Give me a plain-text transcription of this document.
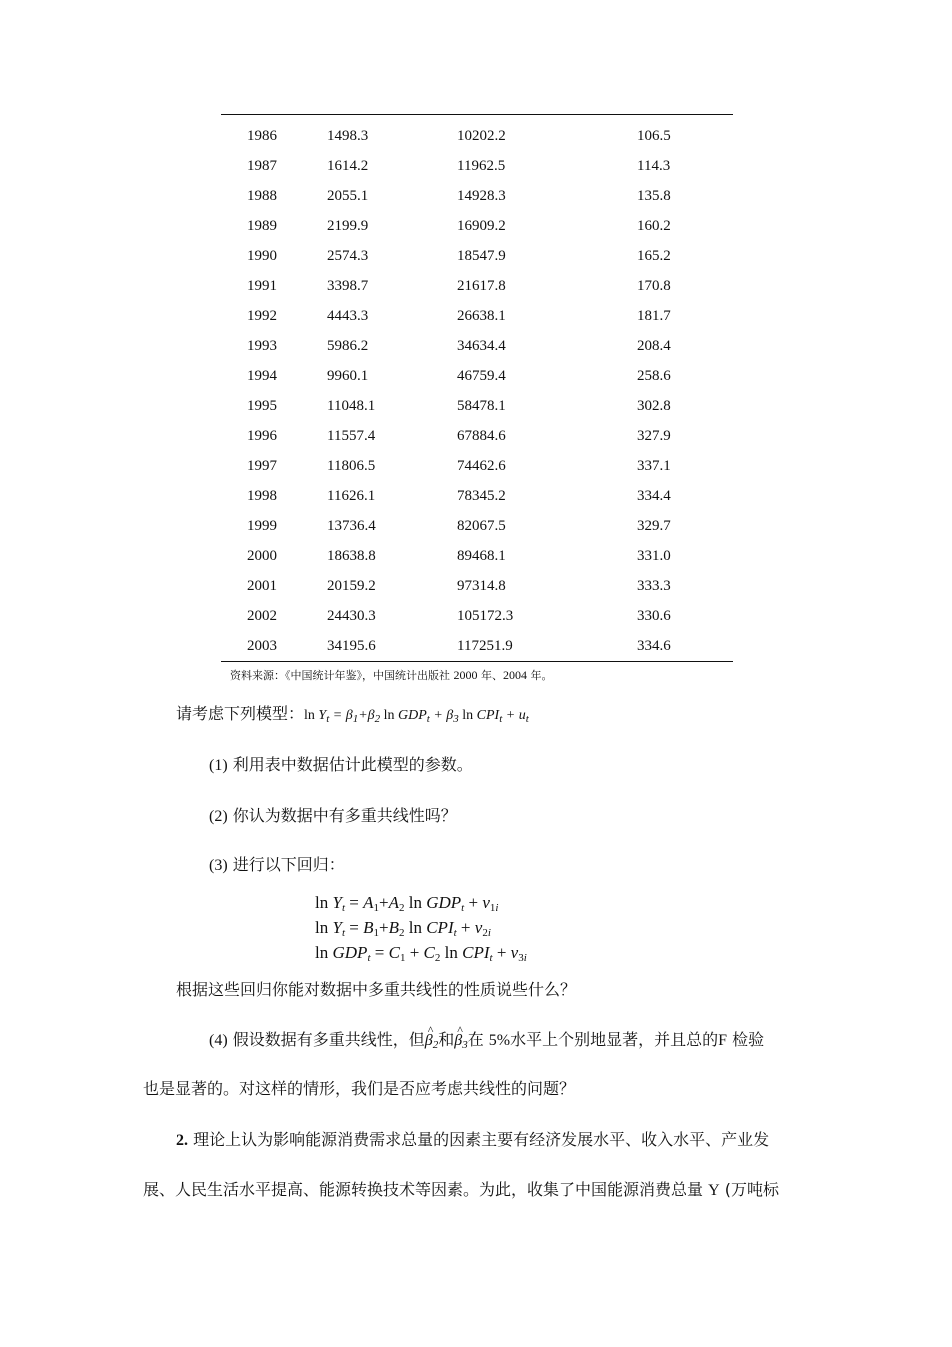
1986	1498.3	10202.2	106.5
1987	1614.2	11962.5	114.3
1988	2055.1	14928.3	135.8
1989	2199.9	16909.2	160.2
1990	2574.3	18547.9	165.2
1991	3398.7	21617.8	170.8
1992	4443.3	26638.1	181.7
1993	5986.2	34634.4	208.4
1994	9960.1	46759.4	258.6
1995	11048.1	58478.1	302.8
1996	11557.4	67884.6	327.9
1997	11806.5	74462.6	337.1
1998	11626.1	78345.2	334.4
1999	13736.4	82067.5	329.7
2000	18638.8	89468.1	331.0
2001	20159.2	97314.8	333.3
2002	24430.3	105172.3	330.6
2003	34195.6	117251.9	334.6
资料来源：《中国统计年鉴》，中国统计出版社 2000 年、2004 年。
请考虑下列模型：$\ln Y_t = \beta_1+\beta_2$ $\ln GDP_t + \beta_3$ $\ln CPI_t + u_t$
(1) 利用表中数据估计此模型的参数。
(2) 你认为数据中有多重共线性吗？
(3) 进行以下回归：
$\ln Y_t = A_1+A_2$ $\ln GDP_t + v_{1i}$
$\ln Y_t = B_1+B_2$ $\ln CPI_t + v_{2i}$
$\ln GDP_t = C_1 + C_2$ $\ln CPI_t + v_{3i}$
根据这些回归你能对数据中多重共线性的性质说些什么？
(4) 假设数据有多重共线性，但^ $\beta_2$和^ $\beta_3$在 5%水平上个别地显著，并且总的F 检验
也是显著的。对这样的情形，我们是否应考虑共线性的问题？
2. 理论上认为影响能源消费需求总量的因素主要有经济发展水平、收入水平、产业发
展、人民生活水平提高、能源转换技术等因素。为此，收集了中国能源消费总量 Y (万吨标
